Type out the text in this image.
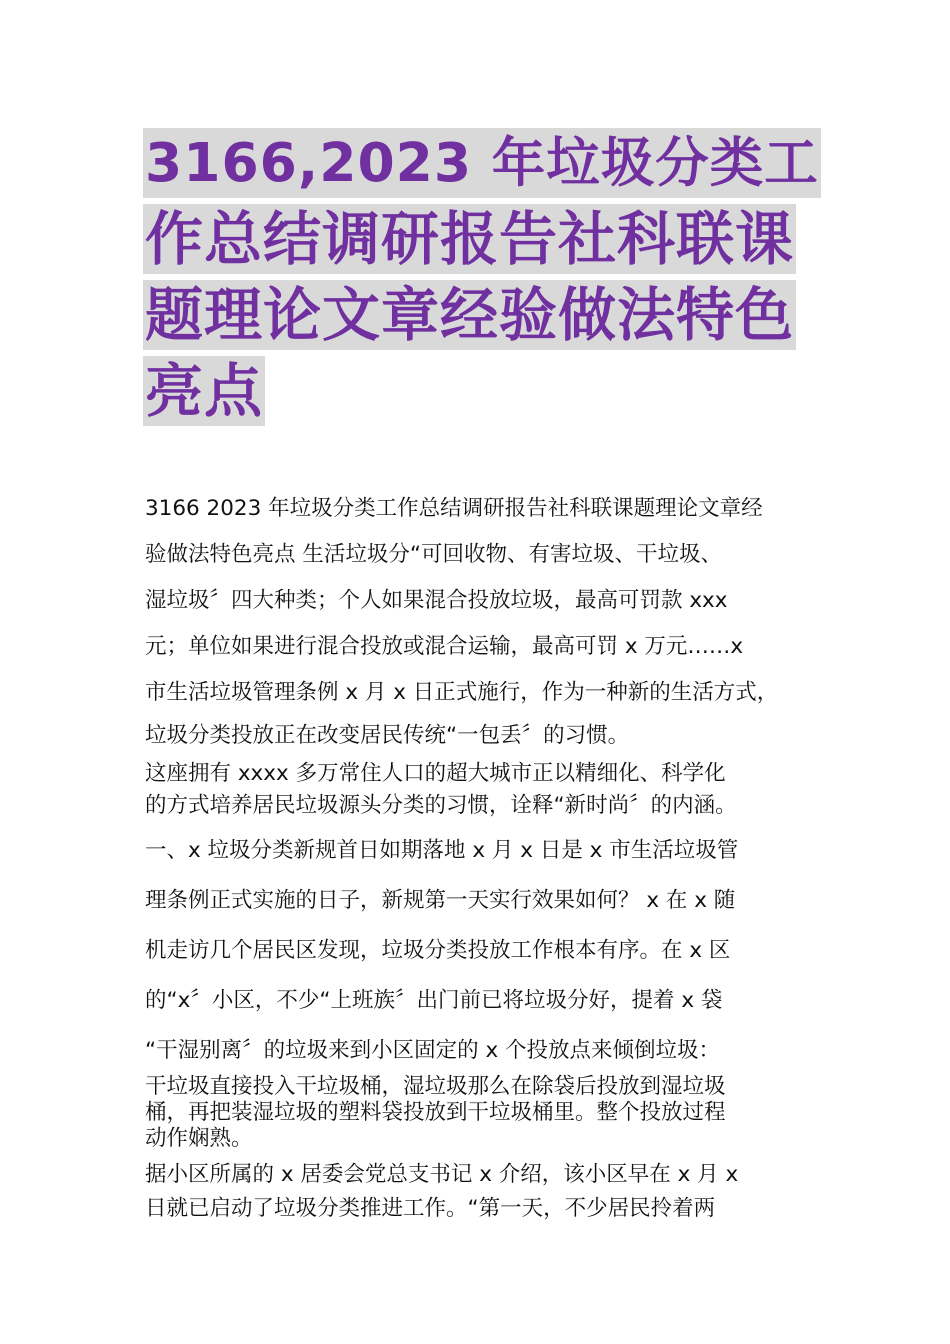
3166,2023 年垃圾分类工
作总结调研报告社科联课
题理论文章经验做法特色
亮点
3166 2023 年垃圾分类工作总结调研报告社科联课题理论文章经
验做法特色亮点 生活垃圾分“可回收物、有害垃圾、干垃圾、
湿垃圾〞四大种类；个人如果混合投放垃圾，最高可罚款 xxx
元；单位如果进行混合投放或混合运输，最高可罚 x 万元……x
市生活垃圾管理条例 x 月 x 日正式施行，作为一种新的生活方式，
垃圾分类投放正在改变居民传统“一包丢〞的习惯。
这座拥有 xxxx 多万常住人口的超大城市正以精细化、科学化
的方式培养居民垃圾源头分类的习惯，诠释“新时尚〞的内涵。
一、x 垃圾分类新规首日如期落地 x 月 x 日是 x 市生活垃圾管
理条例正式实施的日子，新规第一天实行效果如何？ x 在 x 随
机走访几个居民区发现，垃圾分类投放工作根本有序。在 x 区
的“x〞小区，不少“上班族〞出门前已将垃圾分好，提着 x 袋
“干湿别离〞的垃圾来到小区固定的 x 个投放点来倾倒垃圾：
干垃圾直接投入干垃圾桶，湿垃圾那么在除袋后投放到湿垃圾
桶，再把装湿垃圾的塑料袋投放到干垃圾桶里。整个投放过程
动作娴熟。
据小区所属的 x 居委会党总支书记 x 介绍，该小区早在 x 月 x
日就已启动了垃圾分类推进工作。“第一天，不少居民拎着两
